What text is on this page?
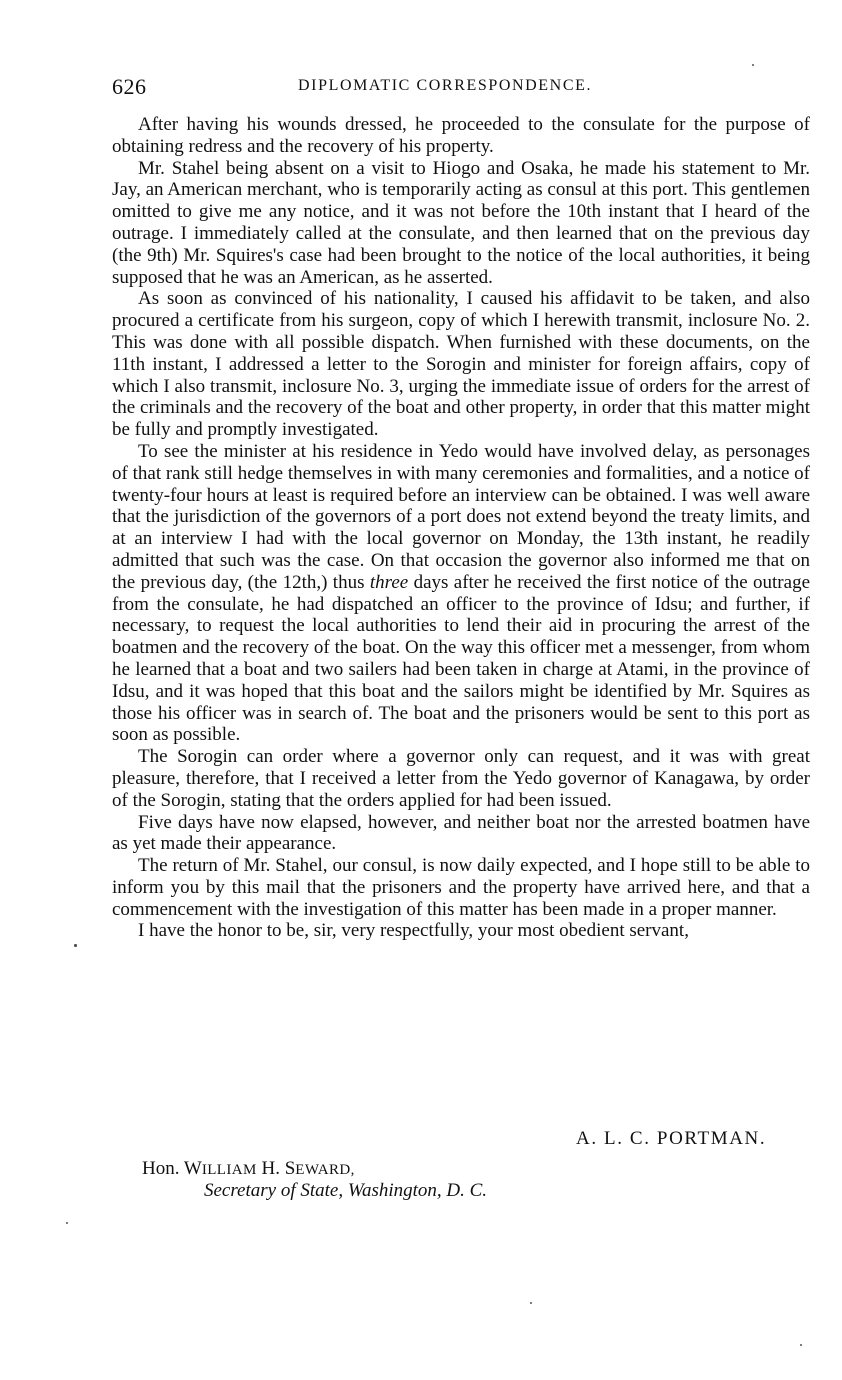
626	DIPLOMATIC CORRESPONDENCE.

After having his wounds dressed, he proceeded to the consulate for the purpose of obtaining redress and the recovery of his property.

Mr. Stahel being absent on a visit to Hiogo and Osaka, he made his statement to Mr. Jay, an American merchant, who is temporarily acting as consul at this port. This gentlemen omitted to give me any notice, and it was not before the 10th instant that I heard of the outrage. I immediately called at the consulate, and then learned that on the previous day (the 9th) Mr. Squires's case had been brought to the notice of the local authorities, it being supposed that he was an American, as he asserted.

As soon as convinced of his nationality, I caused his affidavit to be taken, and also procured a certificate from his surgeon, copy of which I herewith transmit, inclosure No. 2. This was done with all possible dispatch. When furnished with these documents, on the 11th instant, I addressed a letter to the Sorogin and minister for foreign affairs, copy of which I also transmit, inclosure No. 3, urging the immediate issue of orders for the arrest of the criminals and the recovery of the boat and other property, in order that this matter might be fully and promptly investigated.

To see the minister at his residence in Yedo would have involved delay, as personages of that rank still hedge themselves in with many ceremonies and formalities, and a notice of twenty-four hours at least is required before an interview can be obtained. I was well aware that the jurisdiction of the governors of a port does not extend beyond the treaty limits, and at an interview I had with the local governor on Monday, the 13th instant, he readily admitted that such was the case. On that occasion the governor also informed me that on the previous day, (the 12th,) thus three days after he received the first notice of the outrage from the consulate, he had dispatched an officer to the province of Idsu; and further, if necessary, to request the local authorities to lend their aid in procuring the arrest of the boatmen and the recovery of the boat. On the way this officer met a messenger, from whom he learned that a boat and two sailers had been taken in charge at Atami, in the province of Idsu, and it was hoped that this boat and the sailors might be identified by Mr. Squires as those his officer was in search of. The boat and the prisoners would be sent to this port as soon as possible.

The Sorogin can order where a governor only can request, and it was with great pleasure, therefore, that I received a letter from the Yedo governor of Kanagawa, by order of the Sorogin, stating that the orders applied for had been issued.

Five days have now elapsed, however, and neither boat nor the arrested boatmen have as yet made their appearance.

The return of Mr. Stahel, our consul, is now daily expected, and I hope still to be able to inform you by this mail that the prisoners and the property have arrived here, and that a commencement with the investigation of this matter has been made in a proper manner.

I have the honor to be, sir, very respectfully, your most obedient servant,

A. L. C. PORTMAN.
Hon. WILLIAM H. SEWARD,
Secretary of State, Washington, D. C.
